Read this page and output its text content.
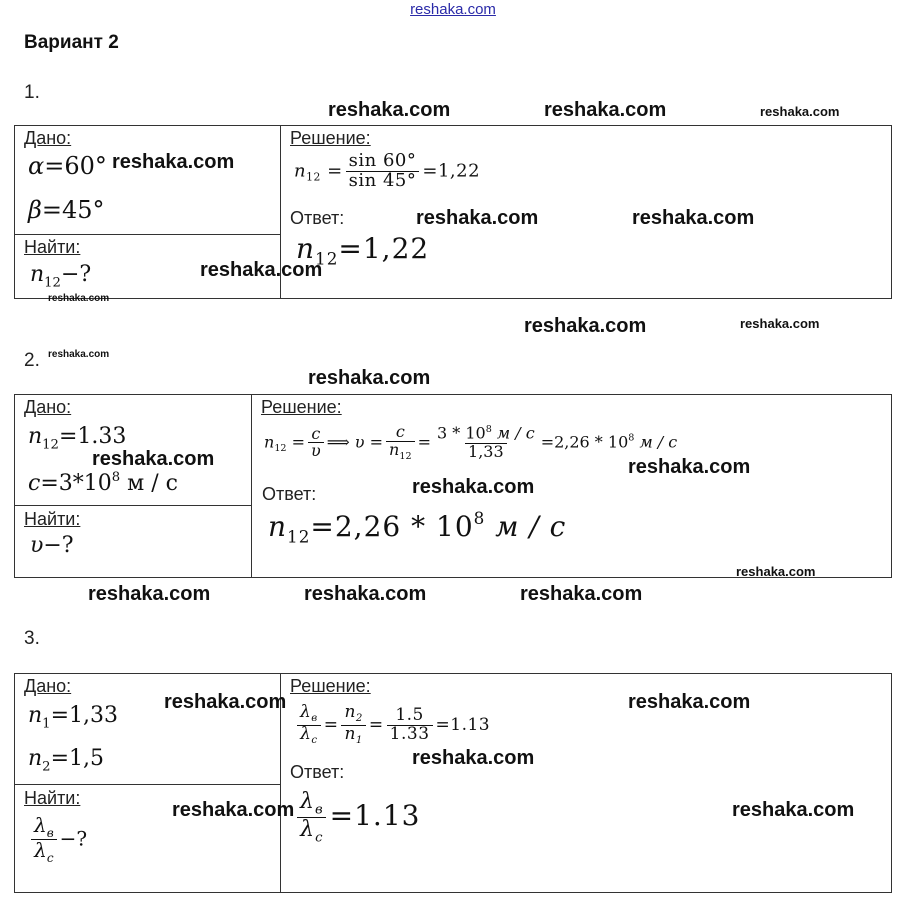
reshaka.com
Вариант 2
1.
Дано:
α=60°
β=45°
Найти:
$n_{12}-$?
Решение:
$n_{12} = \frac{\sin 60^\circ}{\sin 45^\circ} =1,22$
Ответ:
$n_{12}=1,22$
2.
Дано:
$n_{12}=1.33$
$c=3*10^8$ м / с
Найти:
υ−?
Решение:
$n_{12} = \frac{c}{\upsilon}$ ⟹ $\upsilon = \frac{c}{n_{12}} = \frac{3 * 10^8 м / с}{1,33} =2,26 * 10^8$ м / с
Ответ:
$n_{12}=2,26 * 10^8$ м / с
3.
Дано:
$n_1=1,33$
$n_2=1,5$
Найти:
$\frac{\lambda_в}{\lambda_с}$ −?
Решение:
$\frac{\lambda_в}{\lambda_с} = \frac{n_2}{n_1} = \frac{1.5}{1.33} =1.13$
Ответ:
$\frac{\lambda_в}{\lambda_с} =1.13$
reshaka.com	reshaka.com	reshaka.com
reshaka.com
reshaka.com	reshaka.com
reshaka.com
reshaka.com
reshaka.com	reshaka.com
reshaka.com
reshaka.com
reshaka.com	reshaka.com
reshaka.com
reshaka.com
reshaka.com	reshaka.com	reshaka.com
reshaka.com	reshaka.com
reshaka.com
reshaka.com	reshaka.com
